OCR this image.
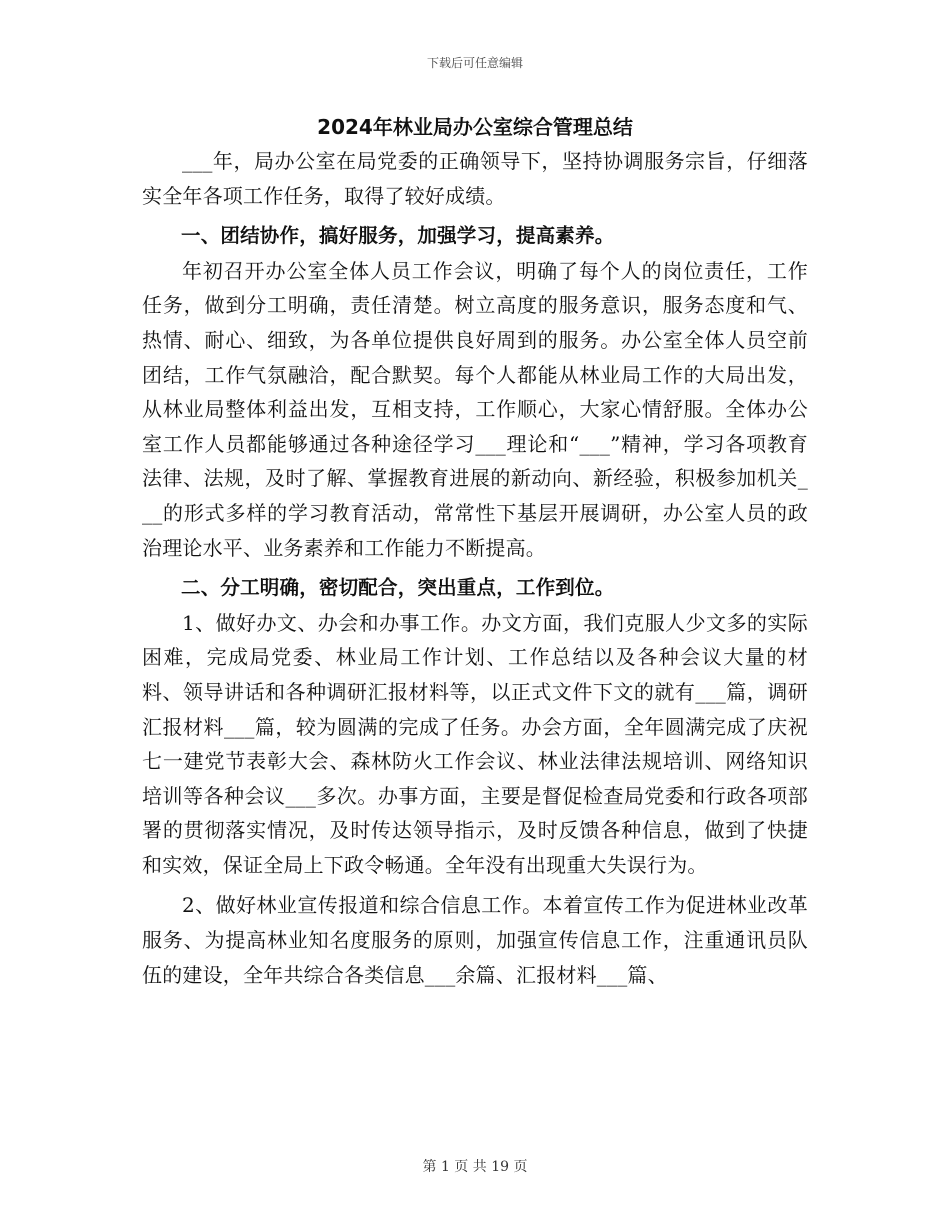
下载后可任意编辑
2024年林业局办公室综合管理总结

___年，局办公室在局党委的正确领导下，坚持协调服务宗旨，仔细落实全年各项工作任务，取得了较好成绩。

一、团结协作，搞好服务，加强学习，提高素养。

年初召开办公室全体人员工作会议，明确了每个人的岗位责任，工作任务，做到分工明确，责任清楚。树立高度的服务意识，服务态度和气、热情、耐心、细致，为各单位提供良好周到的服务。办公室全体人员空前团结，工作气氛融洽，配合默契。每个人都能从林业局工作的大局出发，从林业局整体利益出发，互相支持，工作顺心，大家心情舒服。全体办公室工作人员都能够通过各种途径学习___理论和“___”精神，学习各项教育法律、法规，及时了解、掌握教育进展的新动向、新经验，积极参加机关___的形式多样的学习教育活动，常常性下基层开展调研，办公室人员的政治理论水平、业务素养和工作能力不断提高。

二、分工明确，密切配合，突出重点，工作到位。

1、做好办文、办会和办事工作。办文方面，我们克服人少文多的实际困难，完成局党委、林业局工作计划、工作总结以及各种会议大量的材料、领导讲话和各种调研汇报材料等，以正式文件下文的就有___篇，调研汇报材料___篇，较为圆满的完成了任务。办会方面，全年圆满完成了庆祝七一建党节表彰大会、森林防火工作会议、林业法律法规培训、网络知识培训等各种会议___多次。办事方面，主要是督促检查局党委和行政各项部署的贯彻落实情况，及时传达领导指示，及时反馈各种信息，做到了快捷和实效，保证全局上下政令畅通。全年没有出现重大失误行为。

2、做好林业宣传报道和综合信息工作。本着宣传工作为促进林业改革服务、为提高林业知名度服务的原则，加强宣传信息工作，注重通讯员队伍的建设，全年共综合各类信息___余篇、汇报材料___篇、

第 1 页 共 19 页
